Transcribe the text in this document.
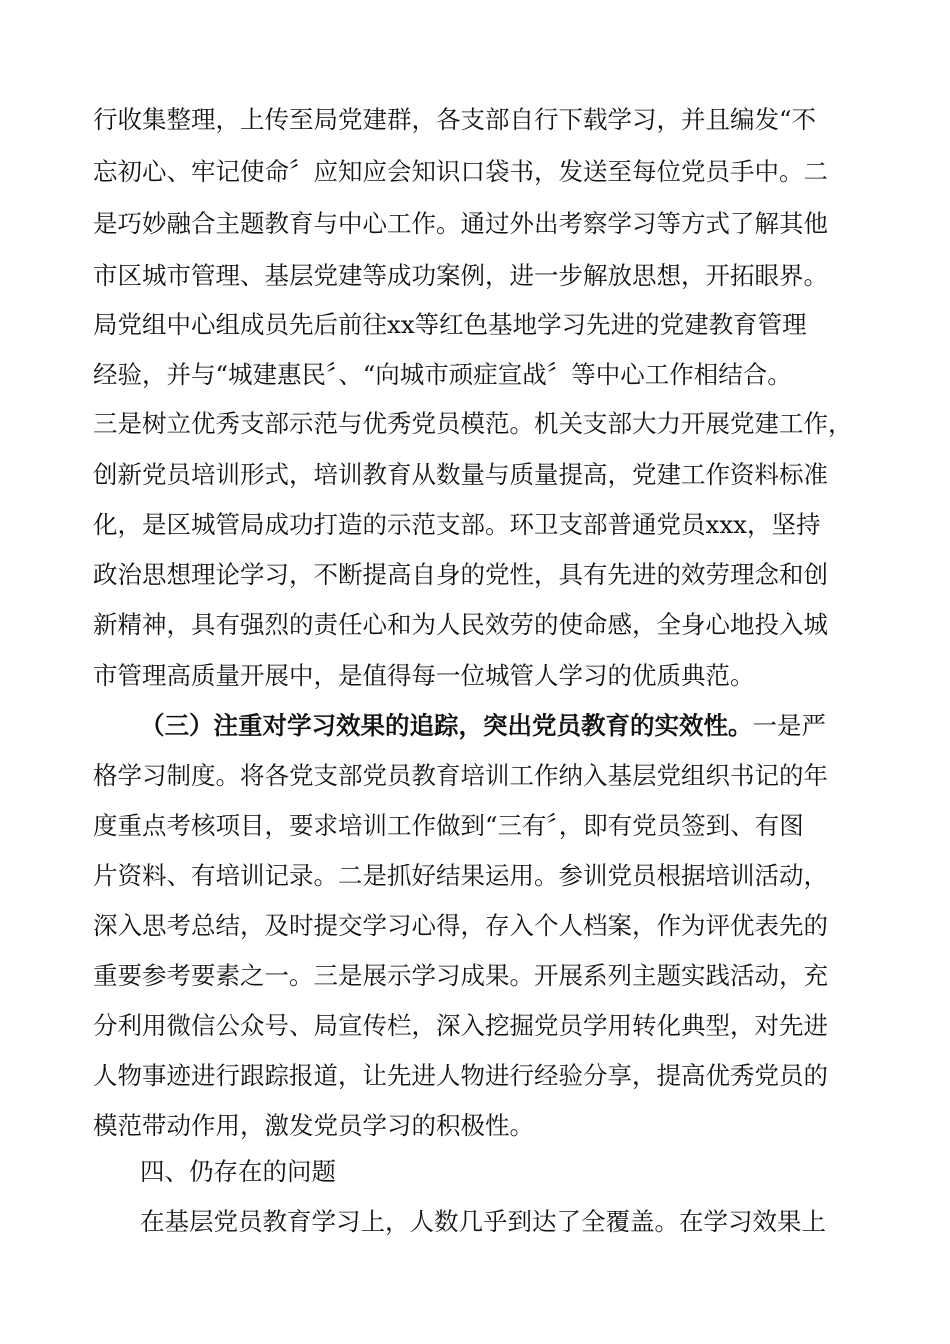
行收集整理，上传至局党建群，各支部自行下载学习，并且编发“不
忘初心、牢记使命〞应知应会知识口袋书，发送至每位党员手中。二
是巧妙融合主题教育与中心工作。通过外出考察学习等方式了解其他
市区城市管理、基层党建等成功案例，进一步解放思想，开拓眼界。
局党组中心组成员先后前往xx等红色基地学习先进的党建教育管理
经验，并与“城建惠民〞、“向城市顽症宣战〞等中心工作相结合。
三是树立优秀支部示范与优秀党员模范。机关支部大力开展党建工作，
创新党员培训形式，培训教育从数量与质量提高，党建工作资料标准
化，是区城管局成功打造的示范支部。环卫支部普通党员xxx，坚持
政治思想理论学习，不断提高自身的党性，具有先进的效劳理念和创
新精神，具有强烈的责任心和为人民效劳的使命感，全身心地投入城
市管理高质量开展中，是值得每一位城管人学习的优质典范。
（三）注重对学习效果的追踪，突出党员教育的实效性。一是严
格学习制度。将各党支部党员教育培训工作纳入基层党组织书记的年
度重点考核项目，要求培训工作做到“三有〞，即有党员签到、有图
片资料、有培训记录。二是抓好结果运用。参训党员根据培训活动，
深入思考总结，及时提交学习心得，存入个人档案，作为评优表先的
重要参考要素之一。三是展示学习成果。开展系列主题实践活动，充
分利用微信公众号、局宣传栏，深入挖掘党员学用转化典型，对先进
人物事迹进行跟踪报道，让先进人物进行经验分享，提高优秀党员的
模范带动作用，激发党员学习的积极性。
四、仍存在的问题
在基层党员教育学习上，人数几乎到达了全覆盖。在学习效果上
